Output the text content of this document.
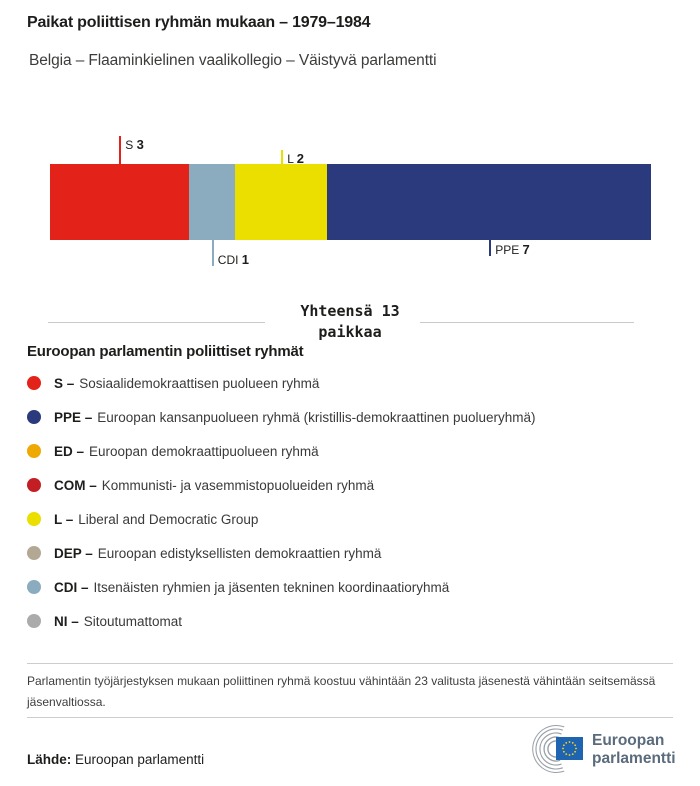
Paikat poliittisen ryhmän mukaan – 1979–1984
Belgia – Flaaminkielinen vaalikollegio – Väistyvä parlamentti
S 3
CDI 1
L 2
PPE 7
Yhteensä 13
paikkaa
Euroopan parlamentin poliittiset ryhmät
S – Sosiaalidemokraattisen puolueen ryhmä
PPE – Euroopan kansanpuolueen ryhmä (kristillis-demokraattinen puolueryhmä)
ED – Euroopan demokraattipuolueen ryhmä
COM – Kommunisti- ja vasemmistopuolueiden ryhmä
L – Liberal and Democratic Group
DEP – Euroopan edistyksellisten demokraattien ryhmä
CDI – Itsenäisten ryhmien ja jäsenten tekninen koordinaatioryhmä
NI – Sitoutumattomat
Parlamentin työjärjestyksen mukaan poliittinen ryhmä koostuu vähintään 23 valitusta jäsenestä vähintään seitsemässä jäsenvaltiossa.
Lähde: Euroopan parlamentti
Euroopan
parlamentti
